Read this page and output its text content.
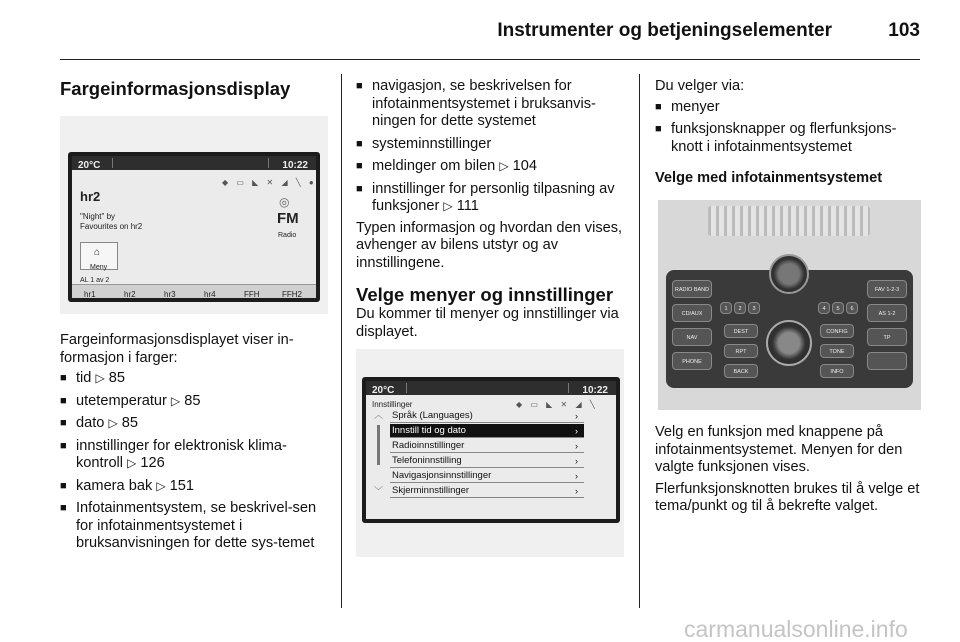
Instrumenter og betjeningselementer	103
Fargeinformasjonsdisplay
20°C	10:22
◆ ▭ ◣ ✕ ◢ ╲ ●
hr2
"Night" by
Favourites on hr2
◎
FM
Radio
⌂
Meny
AL 1 av 2
hr1	hr2	hr3	hr4	FFH	FFH2

Fargeinformasjonsdisplayet viser in-formasjon i farger:

■ tid ▷ 85
■ utetemperatur ▷ 85
■ dato ▷ 85
■ innstillinger for elektronisk klima-kontroll ▷ 126
■ kamera bak ▷ 151
■ Infotainmentsystem, se beskrivel-sen for infotainmentsystemet i bruksanvisningen for dette sys-temet
■ navigasjon, se beskrivelsen for infotainmentsystemet i bruksanvis-ningen for dette systemet
■ systeminnstillinger
■ meldinger om bilen ▷ 104
■ innstillinger for personlig tilpasning av funksjoner ▷ 111

Typen informasjon og hvordan den vises, avhenger av bilens utstyr og av innstillingene.

Velge menyer og innstillinger

Du kommer til menyer og innstillinger via displayet.

20°C	10:22
Innstillinger	◆ ▭ ◣ ✕ ◢ ╲
︿
﹀
Språk (Languages)	›
Innstill tid og dato	›
Radioinnstillinger	›
Telefoninnstilling	›
Navigasjonsinnstillinger	›
Skjerminnstillinger	›

Du velger via:

■ menyer
■ funksjonsknapper og flerfunksjons-knott i infotainmentsystemet
Velge med infotainmentsystemet
RADIO BAND
CD/AUX
NAV
PHONE
FAV 1-2-3
AS 1-2
TP
1	2	3	4	5	6
DEST
RPT
BACK
CONFIG
TONE
INFO

Velg en funksjon med knappene på infotainmentsystemet. Menyen for den valgte funksjonen vises.

Flerfunksjonsknotten brukes til å velge et tema/punkt og til å bekrefte valget.

carmanualsonline.info
